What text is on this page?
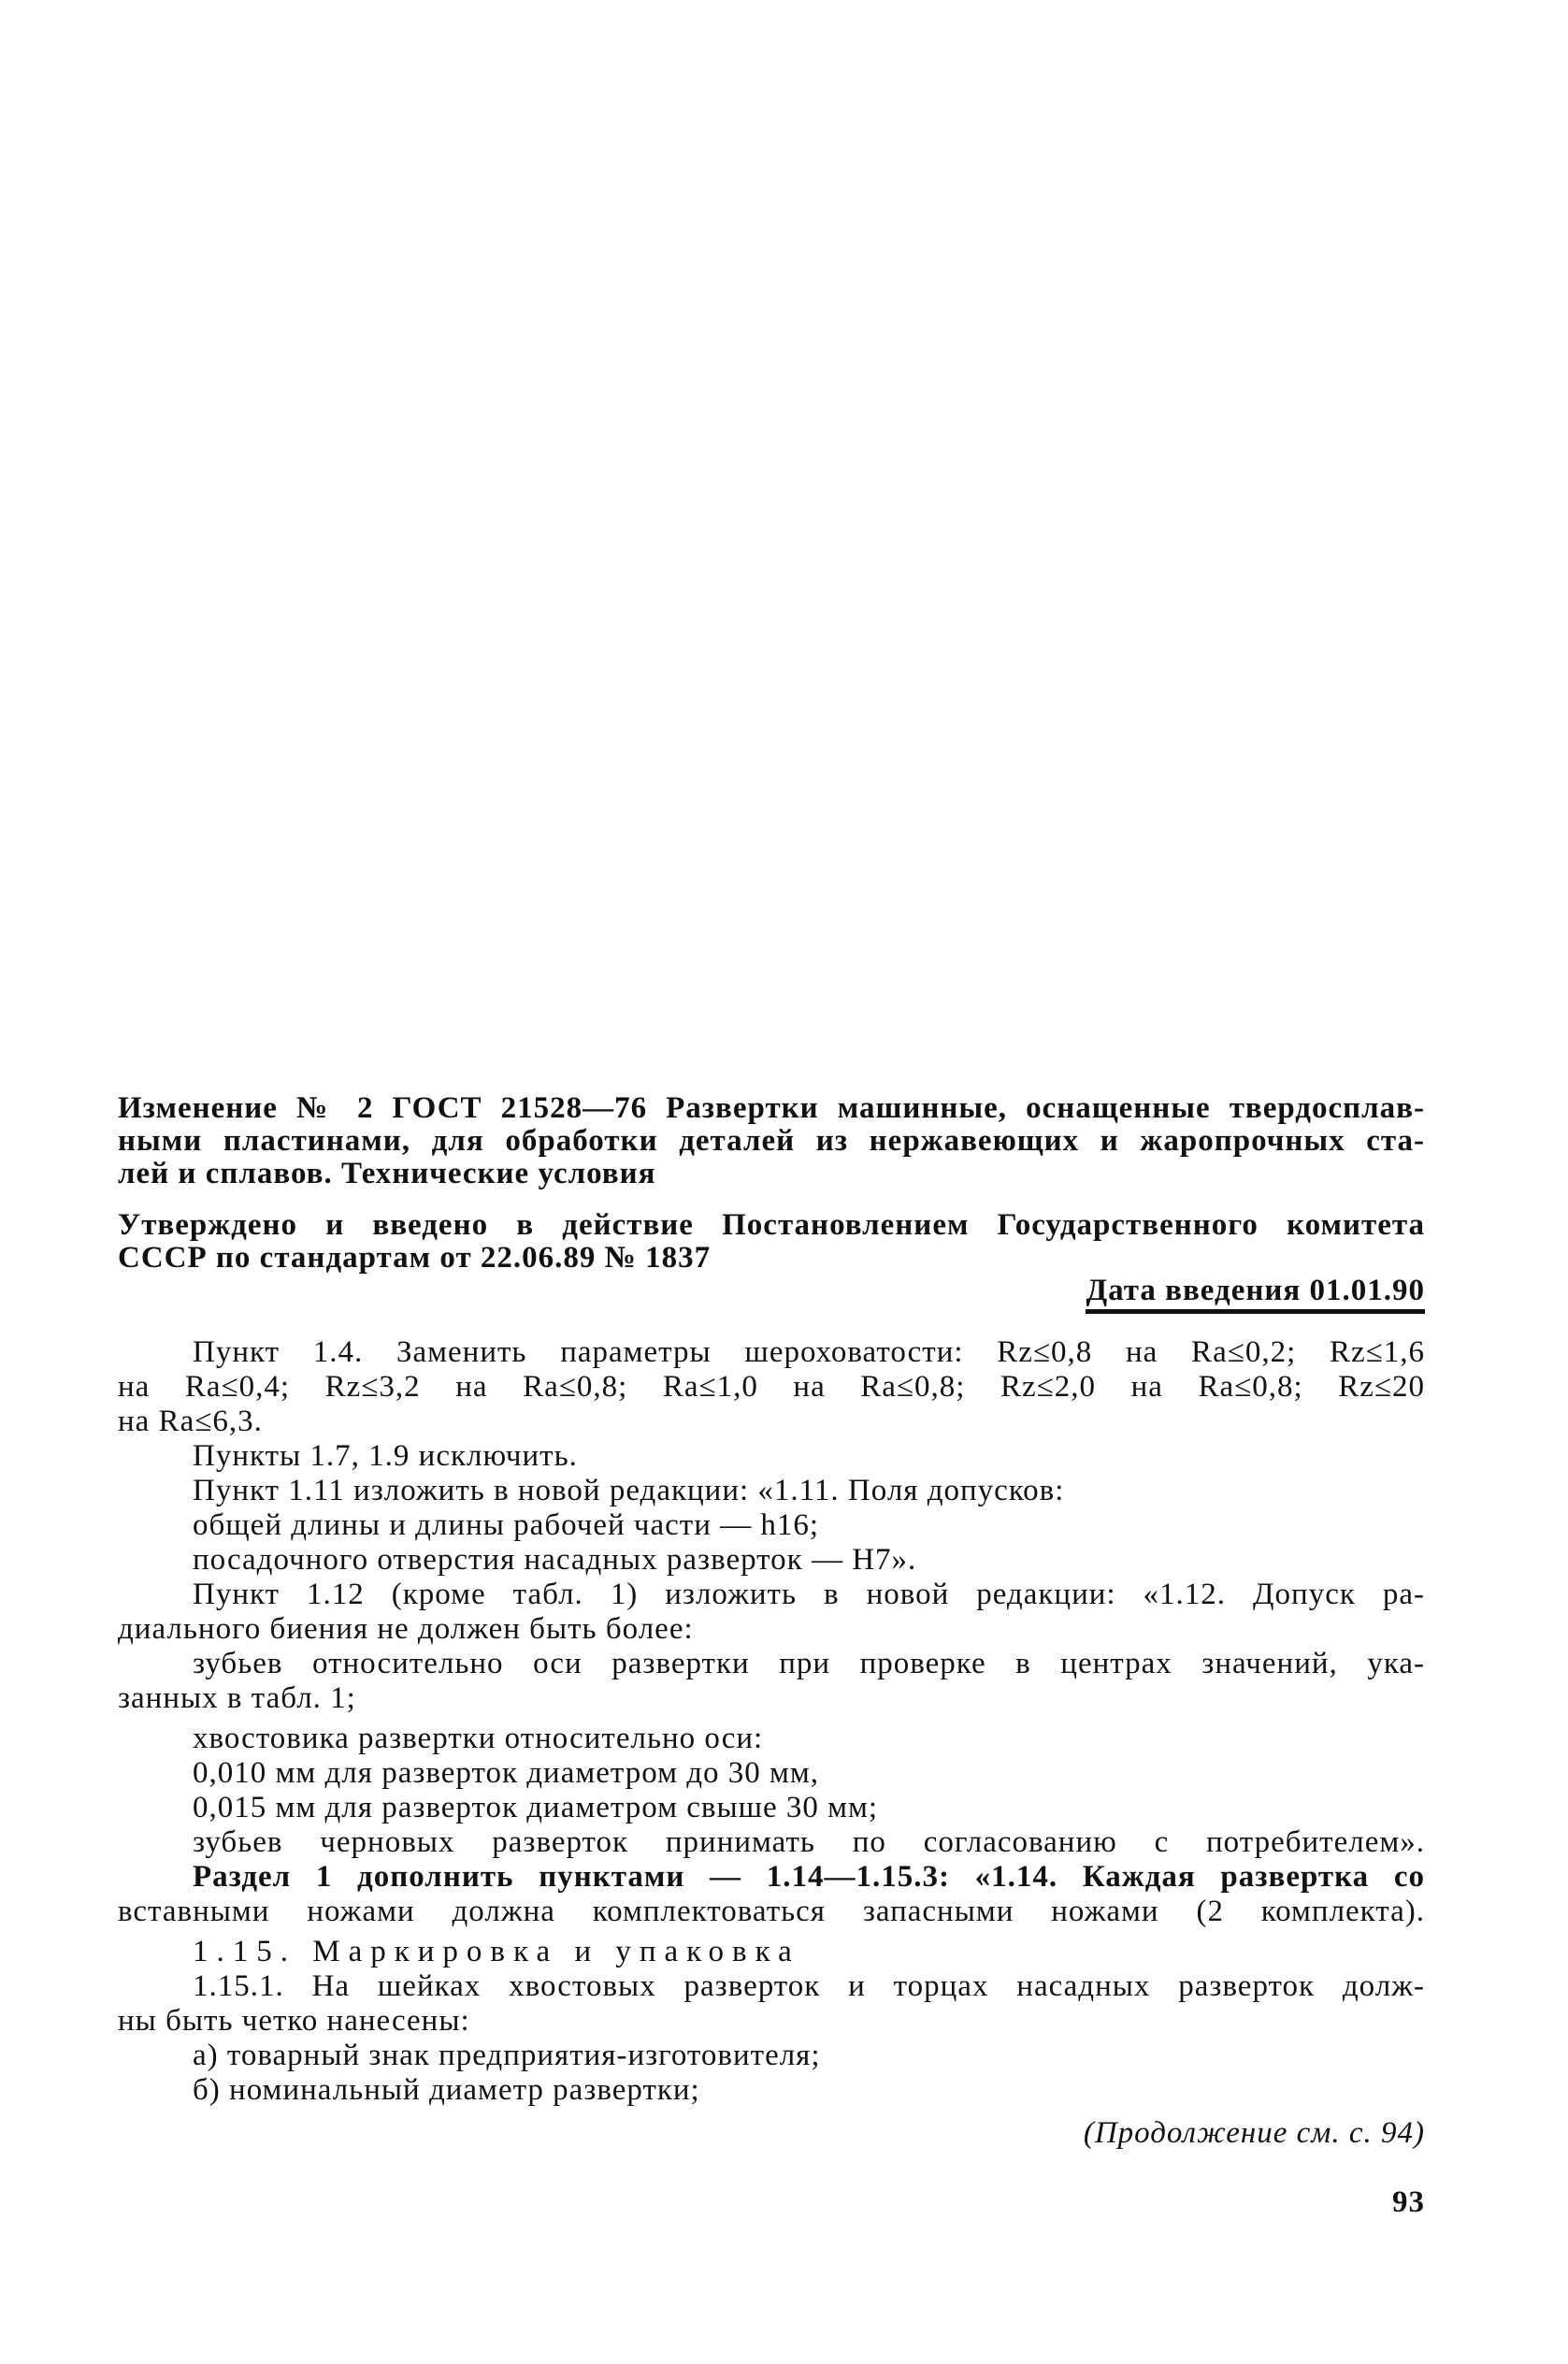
Изменение № 2 ГОСТ 21528—76 Развертки машинные, оснащенные твердосплав-
ными пластинами, для обработки деталей из нержавеющих и жаропрочных ста-
лей и сплавов. Технические условия
Утверждено и введено в действие Постановлением Государственного комитета
СССР по стандартам от 22.06.89 № 1837
Дата введения 01.01.90
Пункт 1.4. Заменить параметры шероховатости: Rz≤0,8 на Ra≤0,2; Rz≤1,6
на Ra≤0,4; Rz≤3,2 на Ra≤0,8; Ra≤1,0 на Ra≤0,8; Rz≤2,0 на Ra≤0,8; Rz≤20
на Ra≤6,3.
Пункты 1.7, 1.9 исключить.
Пункт 1.11 изложить в новой редакции: «1.11. Поля допусков:
общей длины и длины рабочей части — h16;
посадочного отверстия насадных разверток — H7».
Пункт 1.12 (кроме табл. 1) изложить в новой редакции: «1.12. Допуск ра-
диального биения не должен быть более:
зубьев относительно оси развертки при проверке в центрах значений, ука-
занных в табл. 1;
хвостовика развертки относительно оси:
0,010 мм для разверток диаметром до 30 мм,
0,015 мм для разверток диаметром свыше 30 мм;
зубьев черновых разверток принимать по согласованию с потребителем».
Раздел 1 дополнить пунктами — 1.14—1.15.3: «1.14. Каждая развертка со
вставными ножами должна комплектоваться запасными ножами (2 комплекта).
1.15. Маркировка и упаковка
1.15.1. На шейках хвостовых разверток и торцах насадных разверток долж-
ны быть четко нанесены:
а) товарный знак предприятия-изготовителя;
б) номинальный диаметр развертки;
(Продолжение см. с. 94)
93
